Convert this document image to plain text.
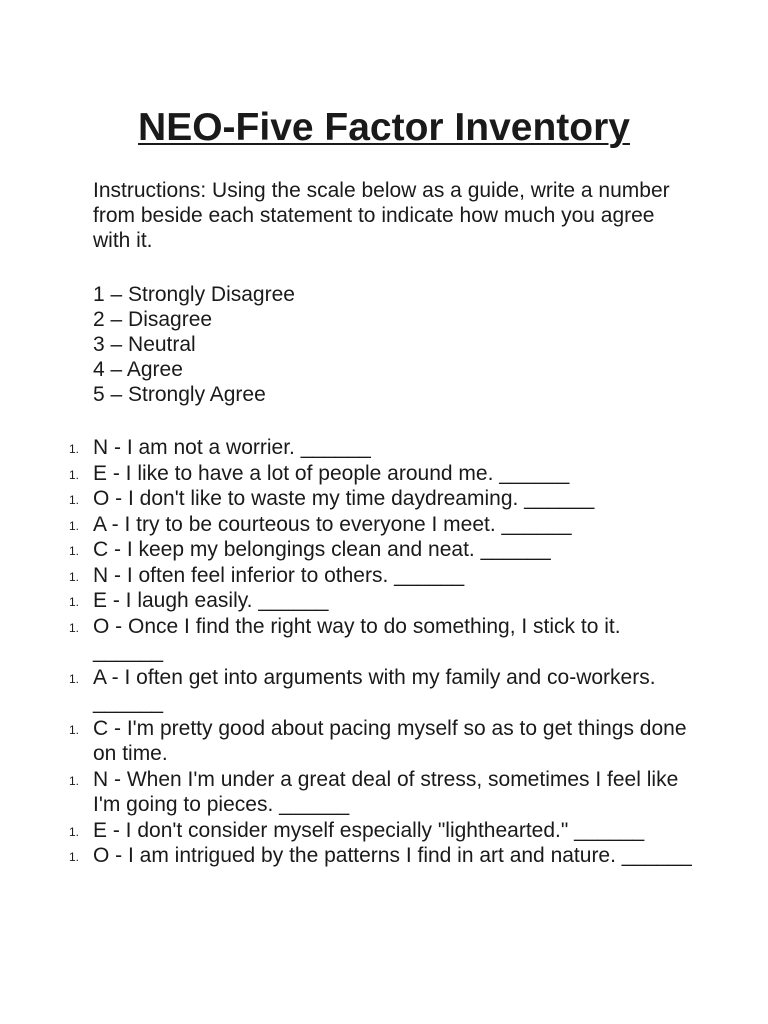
NEO-Five Factor Inventory

Instructions: Using the scale below as a guide, write a number from beside each statement to indicate how much you agree with it.

1 – Strongly Disagree
2 – Disagree
3 – Neutral
4 – Agree
5 – Strongly Agree
1. N - I am not a worrier. ______
1. E - I like to have a lot of people around me. ______
1. O - I don't like to waste my time daydreaming. ______
1. A - I try to be courteous to everyone I meet. ______
1. C - I keep my belongings clean and neat. ______
1. N - I often feel inferior to others. ______
1. E - I laugh easily. ______
1. O - Once I find the right way to do something, I stick to it. ______
1. A - I often get into arguments with my family and co-workers. ______
1. C - I'm pretty good about pacing myself so as to get things done on time.
1. N - When I'm under a great deal of stress, sometimes I feel like I'm going to pieces. ______
1. E - I don't consider myself especially "lighthearted." ______
1. O - I am intrigued by the patterns I find in art and nature. ______
